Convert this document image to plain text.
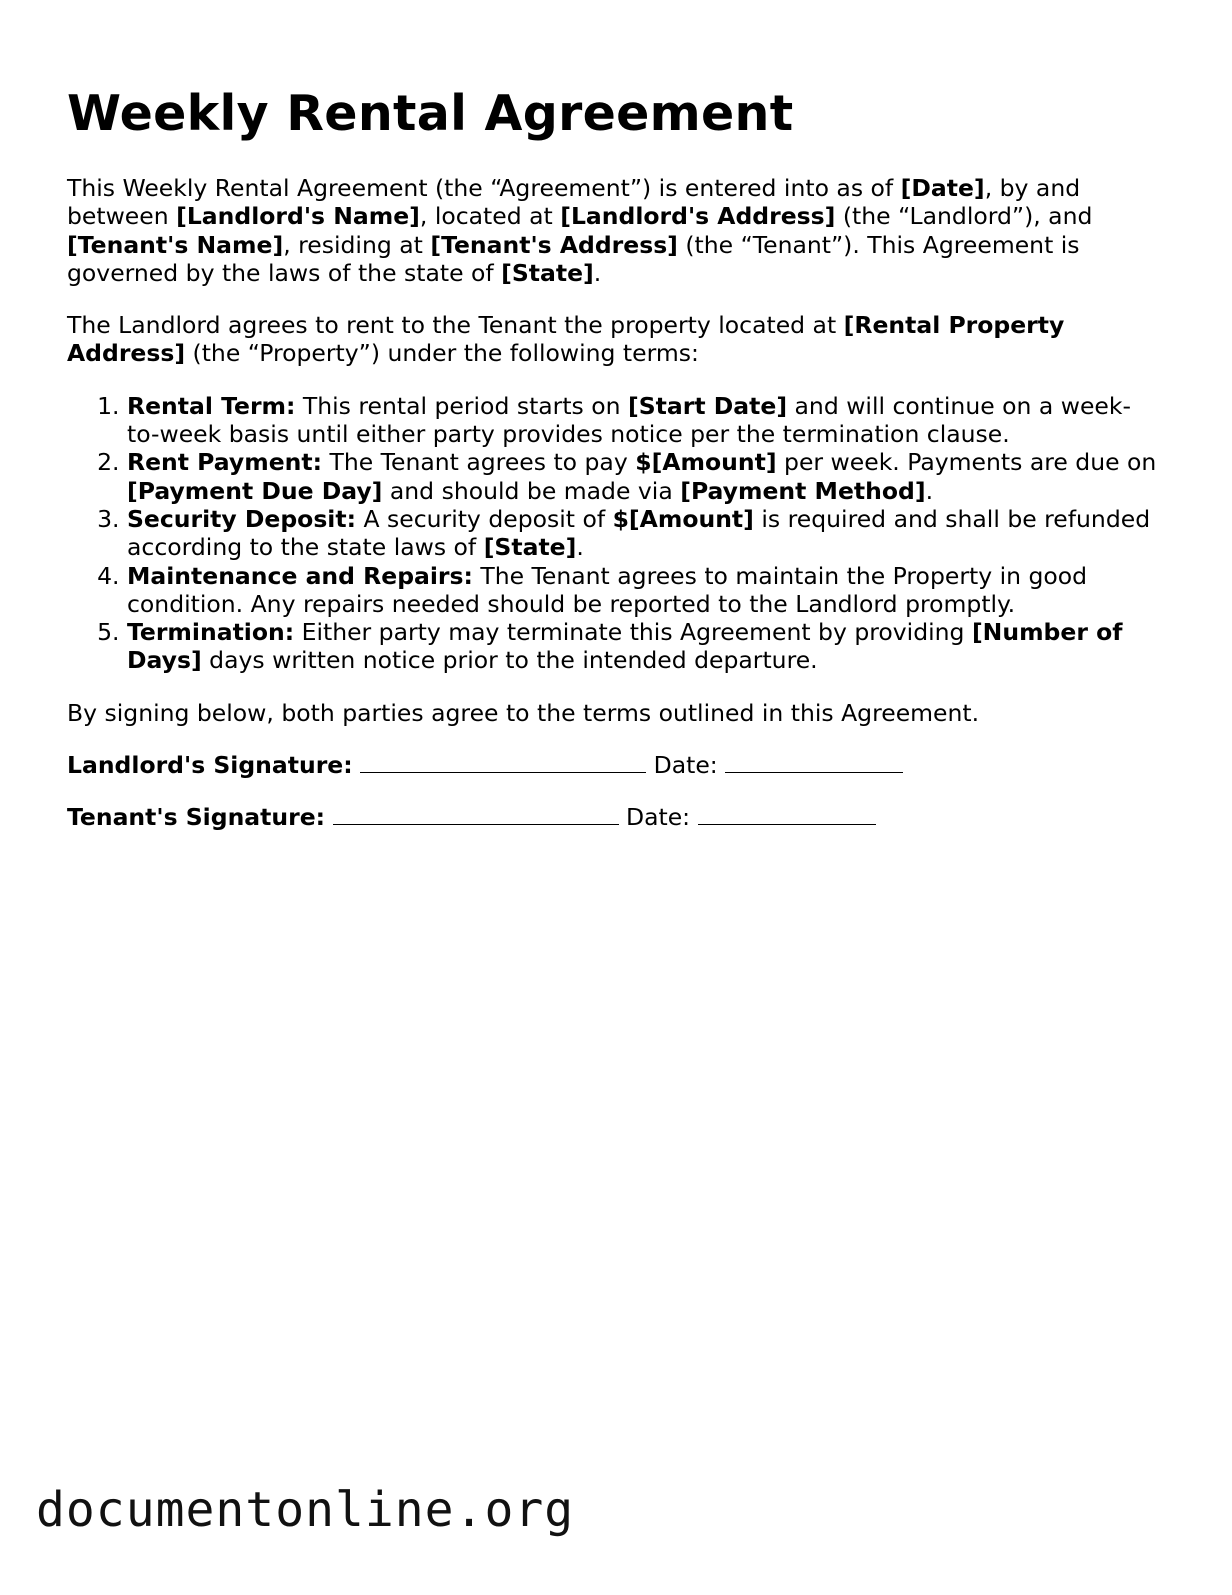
Weekly Rental Agreement

This Weekly Rental Agreement (the “Agreement”) is entered into as of [Date], by and between [Landlord's Name], located at [Landlord's Address] (the “Landlord”), and [Tenant's Name], residing at [Tenant's Address] (the “Tenant”). This Agreement is governed by the laws of the state of [State].

The Landlord agrees to rent to the Tenant the property located at [Rental Property Address] (the “Property”) under the following terms:

1. Rental Term: This rental period starts on [Start Date] and will continue on a week-to-week basis until either party provides notice per the termination clause.
2. Rent Payment: The Tenant agrees to pay $[Amount] per week. Payments are due on [Payment Due Day] and should be made via [Payment Method].
3. Security Deposit: A security deposit of $[Amount] is required and shall be refunded according to the state laws of [State].
4. Maintenance and Repairs: The Tenant agrees to maintain the Property in good condition. Any repairs needed should be reported to the Landlord promptly.
5. Termination: Either party may terminate this Agreement by providing [Number of Days] days written notice prior to the intended departure.

By signing below, both parties agree to the terms outlined in this Agreement.

Landlord's Signature:	Date:

Tenant's Signature:	Date:

documentonline.org
